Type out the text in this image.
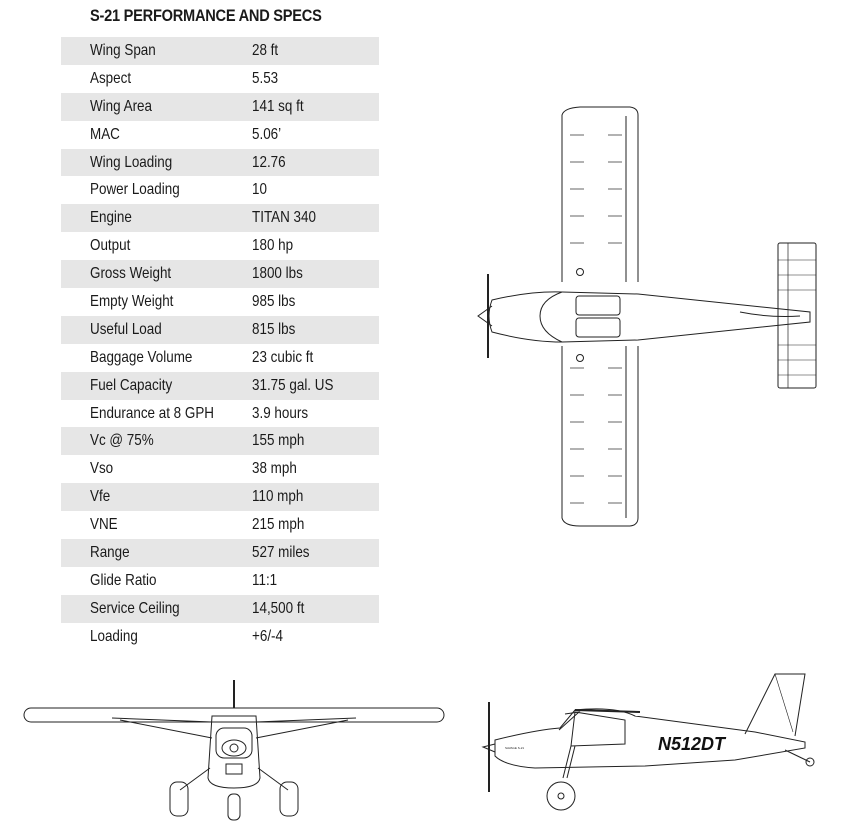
S-21 PERFORMANCE AND SPECS
Wing Span	28 ft
Aspect	5.53
Wing Area	141 sq ft
MAC	5.06’
Wing Loading	12.76
Power Loading	10
Engine	TITAN 340
Output	180 hp
Gross Weight	1800 lbs
Empty Weight	985 lbs
Useful Load	815 lbs
Baggage Volume	23 cubic ft
Fuel Capacity	31.75 gal. US
Endurance at 8 GPH	3.9 hours
Vc @ 75%	155 mph
Vso	38 mph
Vfe	110 mph
VNE	215 mph
Range	527 miles
Glide Ratio	11:1
Service Ceiling	14,500 ft
Loading	+6/-4
N512DT
SAVAGE S-21
